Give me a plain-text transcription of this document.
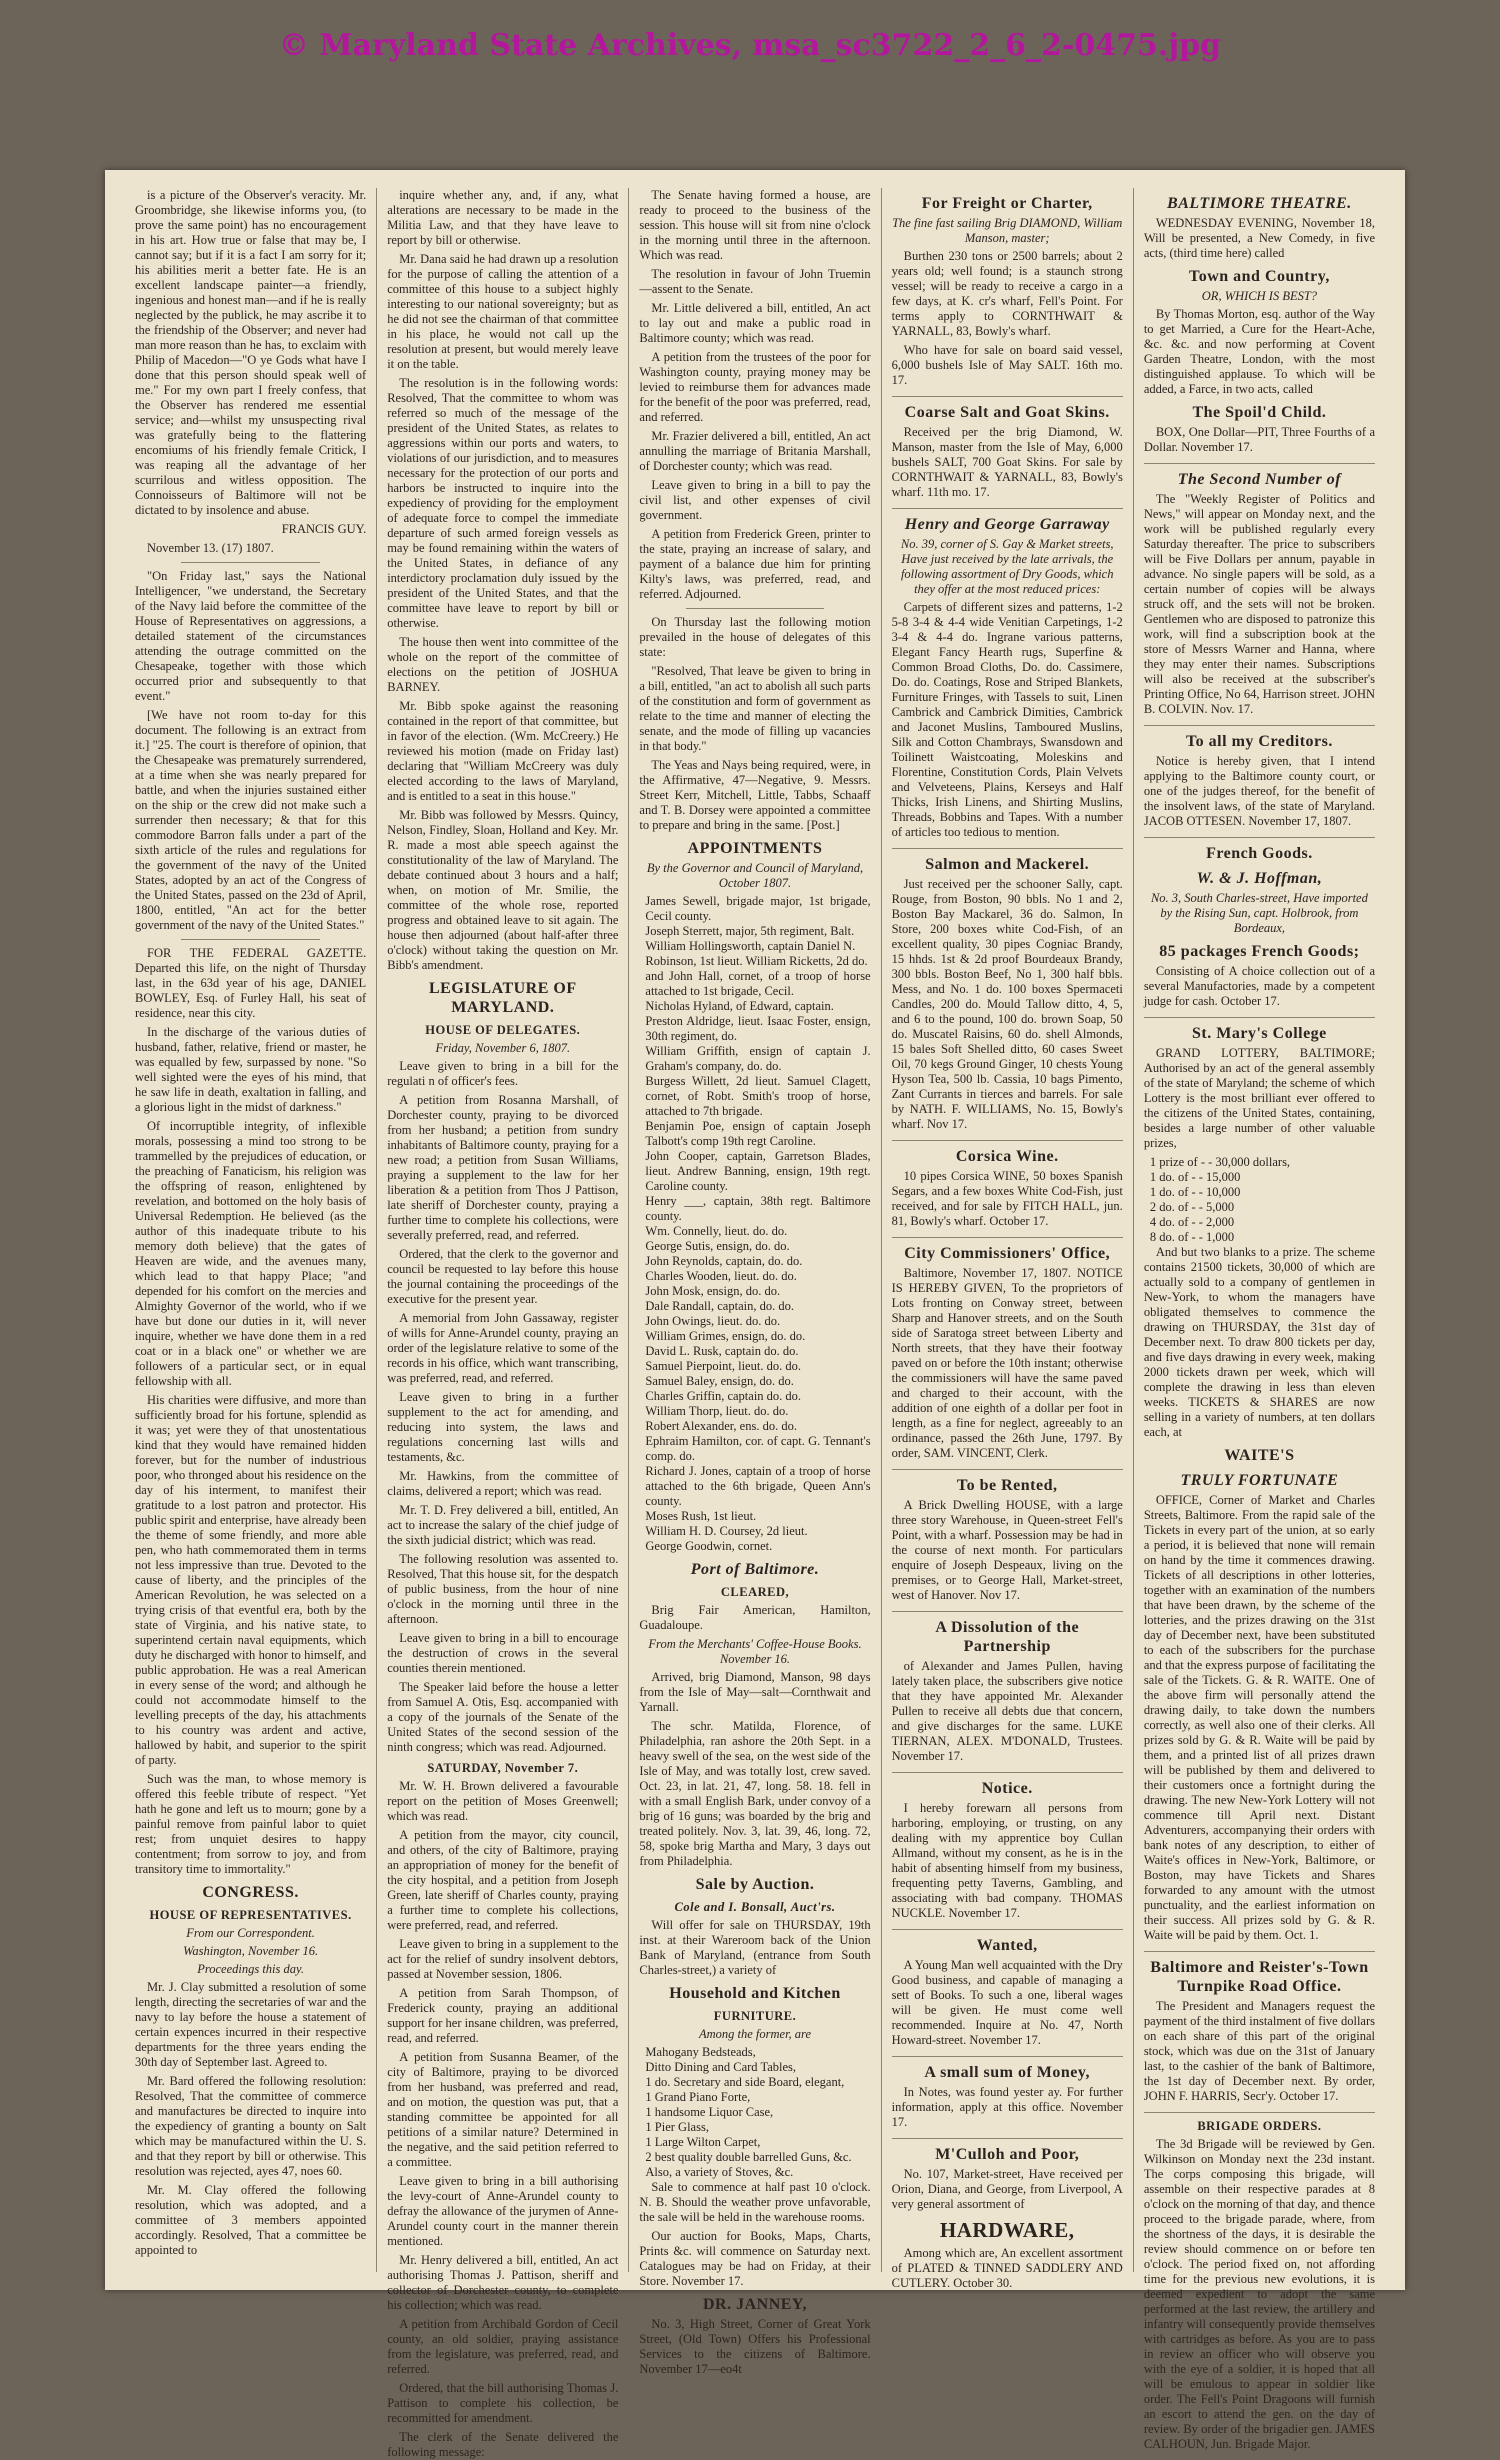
© Maryland State Archives, msa_sc3722_2_6_2-0475.jpg

is a picture of the Observer's veracity. Mr. Groombridge, she likewise informs you, (to prove the same point) has no encouragement in his art. How true or false that may be, I cannot say; but if it is a fact I am sorry for it; his abilities merit a better fate. He is an excellent landscape painter—a friendly, ingenious and honest man—and if he is really neglected by the publick, he may ascribe it to the friendship of the Observer; and never had man more reason than he has, to exclaim with Philip of Macedon—"O ye Gods what have I done that this person should speak well of me." For my own part I freely confess, that the Observer has rendered me essential service; and—whilst my unsuspecting rival was gratefully being to the flattering encomiums of his friendly female Critick, I was reaping all the advantage of her scurrilous and witless opposition. The Connoisseurs of Baltimore will not be dictated to by insolence and abuse.

FRANCIS GUY.

November 13. (17) 1807.

"On Friday last," says the National Intelligencer, "we understand, the Secretary of the Navy laid before the committee of the House of Representatives on aggressions, a detailed statement of the circumstances attending the outrage committed on the Chesapeake, together with those which occurred prior and subsequently to that event."

[We have not room to-day for this document. The following is an extract from it.] "25. The court is therefore of opinion, that the Chesapeake was prematurely surrendered, at a time when she was nearly prepared for battle, and when the injuries sustained either on the ship or the crew did not make such a surrender then necessary; & that for this commodore Barron falls under a part of the sixth article of the rules and regulations for the government of the navy of the United States, adopted by an act of the Congress of the United States, passed on the 23d of April, 1800, entitled, "An act for the better government of the navy of the United States."

FOR THE FEDERAL GAZETTE. Departed this life, on the night of Thursday last, in the 63d year of his age, DANIEL BOWLEY, Esq. of Furley Hall, his seat of residence, near this city.

In the discharge of the various duties of husband, father, relative, friend or master, he was equalled by few, surpassed by none. "So well sighted were the eyes of his mind, that he saw life in death, exaltation in falling, and a glorious light in the midst of darkness."

Of incorruptible integrity, of inflexible morals, possessing a mind too strong to be trammelled by the prejudices of education, or the preaching of Fanaticism, his religion was the offspring of reason, enlightened by revelation, and bottomed on the holy basis of Universal Redemption. He believed (as the author of this inadequate tribute to his memory doth believe) that the gates of Heaven are wide, and the avenues many, which lead to that happy Place; "and depended for his comfort on the mercies and Almighty Governor of the world, who if we have but done our duties in it, will never inquire, whether we have done them in a red coat or in a black one" or whether we are followers of a particular sect, or in equal fellowship with all.

His charities were diffusive, and more than sufficiently broad for his fortune, splendid as it was; yet were they of that unostentatious kind that they would have remained hidden forever, but for the number of industrious poor, who thronged about his residence on the day of his interment, to manifest their gratitude to a lost patron and protector. His public spirit and enterprise, have already been the theme of some friendly, and more able pen, who hath commemorated them in terms not less impressive than true. Devoted to the cause of liberty, and the principles of the American Revolution, he was selected on a trying crisis of that eventful era, both by the state of Virginia, and his native state, to superintend certain naval equipments, which duty he discharged with honor to himself, and public approbation. He was a real American in every sense of the word; and although he could not accommodate himself to the levelling precepts of the day, his attachments to his country was ardent and active, hallowed by habit, and superior to the spirit of party.

Such was the man, to whose memory is offered this feeble tribute of respect. "Yet hath he gone and left us to mourn; gone by a painful remove from painful labor to quiet rest; from unquiet desires to happy contentment; from sorrow to joy, and from transitory time to immortality."

CONGRESS.

HOUSE OF REPRESENTATIVES.

From our Correspondent.

Washington, November 16.

Proceedings this day.

Mr. J. Clay submitted a resolution of some length, directing the secretaries of war and the navy to lay before the house a statement of certain expences incurred in their respective departments for the three years ending the 30th day of September last. Agreed to.

Mr. Bard offered the following resolution: Resolved, That the committee of commerce and manufactures be directed to inquire into the expediency of granting a bounty on Salt which may be manufactured within the U. S. and that they report by bill or otherwise. This resolution was rejected, ayes 47, noes 60.

Mr. M. Clay offered the following resolution, which was adopted, and a committee of 3 members appointed accordingly. Resolved, That a committee be appointed to

inquire whether any, and, if any, what alterations are necessary to be made in the Militia Law, and that they have leave to report by bill or otherwise.

Mr. Dana said he had drawn up a resolution for the purpose of calling the attention of a committee of this house to a subject highly interesting to our national sovereignty; but as he did not see the chairman of that committee in his place, he would not call up the resolution at present, but would merely leave it on the table.

The resolution is in the following words: Resolved, That the committee to whom was referred so much of the message of the president of the United States, as relates to aggressions within our ports and waters, to violations of our jurisdiction, and to measures necessary for the protection of our ports and harbors be instructed to inquire into the expediency of providing for the employment of adequate force to compel the immediate departure of such armed foreign vessels as may be found remaining within the waters of the United States, in defiance of any interdictory proclamation duly issued by the president of the United States, and that the committee have leave to report by bill or otherwise.

The house then went into committee of the whole on the report of the committee of elections on the petition of JOSHUA BARNEY.

Mr. Bibb spoke against the reasoning contained in the report of that committee, but in favor of the election. (Wm. McCreery.) He reviewed his motion (made on Friday last) declaring that "William McCreery was duly elected according to the laws of Maryland, and is entitled to a seat in this house."

Mr. Bibb was followed by Messrs. Quincy, Nelson, Findley, Sloan, Holland and Key. Mr. R. made a most able speech against the constitutionality of the law of Maryland. The debate continued about 3 hours and a half; when, on motion of Mr. Smilie, the committee of the whole rose, reported progress and obtained leave to sit again. The house then adjourned (about half-after three o'clock) without taking the question on Mr. Bibb's amendment.

LEGISLATURE OF MARYLAND.

HOUSE OF DELEGATES.

Friday, November 6, 1807.

Leave given to bring in a bill for the regulati n of officer's fees.

A petition from Rosanna Marshall, of Dorchester county, praying to be divorced from her husband; a petition from sundry inhabitants of Baltimore county, praying for a new road; a petition from Susan Williams, praying a supplement to the law for her liberation & a petition from Thos J Pattison, late sheriff of Dorchester county, praying a further time to complete his collections, were severally preferred, read, and referred.

Ordered, that the clerk to the governor and council be requested to lay before this house the journal containing the proceedings of the executive for the present year.

A memorial from John Gassaway, register of wills for Anne-Arundel county, praying an order of the legislature relative to some of the records in his office, which want transcribing, was preferred, read, and referred.

Leave given to bring in a further supplement to the act for amending, and reducing into system, the laws and regulations concerning last wills and testaments, &c.

Mr. Hawkins, from the committee of claims, delivered a report; which was read.

Mr. T. D. Frey delivered a bill, entitled, An act to increase the salary of the chief judge of the sixth judicial district; which was read.

The following resolution was assented to. Resolved, That this house sit, for the despatch of public business, from the hour of nine o'clock in the morning until three in the afternoon.

Leave given to bring in a bill to encourage the destruction of crows in the several counties therein mentioned.

The Speaker laid before the house a letter from Samuel A. Otis, Esq. accompanied with a copy of the journals of the Senate of the United States of the second session of the ninth congress; which was read. Adjourned.

SATURDAY, November 7.

Mr. W. H. Brown delivered a favourable report on the petition of Moses Greenwell; which was read.

A petition from the mayor, city council, and others, of the city of Baltimore, praying an appropriation of money for the benefit of the city hospital, and a petition from Joseph Green, late sheriff of Charles county, praying a further time to complete his collections, were preferred, read, and referred.

Leave given to bring in a supplement to the act for the relief of sundry insolvent debtors, passed at November session, 1806.

A petition from Sarah Thompson, of Frederick county, praying an additional support for her insane children, was preferred, read, and referred.

A petition from Susanna Beamer, of the city of Baltimore, praying to be divorced from her husband, was preferred and read, and on motion, the question was put, that a standing committee be appointed for all petitions of a similar nature? Determined in the negative, and the said petition referred to a committee.

Leave given to bring in a bill authorising the levy-court of Anne-Arundel county to defray the allowance of the jurymen of Anne-Arundel county court in the manner therein mentioned.

Mr. Henry delivered a bill, entitled, An act authorising Thomas J. Pattison, sheriff and collector of Dorchester county, to complete his collection; which was read.

A petition from Archibald Gordon of Cecil county, an old soldier, praying assistance from the legislature, was preferred, read, and referred.

Ordered, that the bill authorising Thomas J. Pattison to complete his collection, be recommitted for amendment.

The clerk of the Senate delivered the following message:

The Senate having formed a house, are ready to proceed to the business of the session. This house will sit from nine o'clock in the morning until three in the afternoon. Which was read.

The resolution in favour of John Truemin—assent to the Senate.

Mr. Little delivered a bill, entitled, An act to lay out and make a public road in Baltimore county; which was read.

A petition from the trustees of the poor for Washington county, praying money may be levied to reimburse them for advances made for the benefit of the poor was preferred, read, and referred.

Mr. Frazier delivered a bill, entitled, An act annulling the marriage of Britania Marshall, of Dorchester county; which was read.

Leave given to bring in a bill to pay the civil list, and other expenses of civil government.

A petition from Frederick Green, printer to the state, praying an increase of salary, and payment of a balance due him for printing Kilty's laws, was preferred, read, and referred. Adjourned.

On Thursday last the following motion prevailed in the house of delegates of this state:

"Resolved, That leave be given to bring in a bill, entitled, "an act to abolish all such parts of the constitution and form of government as relate to the time and manner of electing the senate, and the mode of filling up vacancies in that body."

The Yeas and Nays being required, were, in the Affirmative, 47—Negative, 9. Messrs. Street Kerr, Mitchell, Little, Tabbs, Schaaff and T. B. Dorsey were appointed a committee to prepare and bring in the same. [Post.]

APPOINTMENTS

By the Governor and Council of Maryland, October 1807.

James Sewell, brigade major, 1st brigade, Cecil county.

Joseph Sterrett, major, 5th regiment, Balt.

William Hollingsworth, captain Daniel N.

Robinson, 1st lieut. William Ricketts, 2d do.

and John Hall, cornet, of a troop of horse attached to 1st brigade, Cecil.

Nicholas Hyland, of Edward, captain.

Preston Aldridge, lieut. Isaac Foster, ensign, 30th regiment, do.

William Griffith, ensign of captain J. Graham's company, do. do.

Burgess Willett, 2d lieut. Samuel Clagett, cornet, of Robt. Smith's troop of horse, attached to 7th brigade.

Benjamin Poe, ensign of captain Joseph Talbott's comp 19th regt Caroline.

John Cooper, captain, Garretson Blades, lieut. Andrew Banning, ensign, 19th regt. Caroline county.

Henry ___, captain, 38th regt. Baltimore county.

Wm. Connelly, lieut. do. do.

George Sutis, ensign, do. do.

John Reynolds, captain, do. do.

Charles Wooden, lieut. do. do.

John Mosk, ensign, do. do.

Dale Randall, captain, do. do.

John Owings, lieut. do. do.

William Grimes, ensign, do. do.

David L. Rusk, captain do. do.

Samuel Pierpoint, lieut. do. do.

Samuel Baley, ensign, do. do.

Charles Griffin, captain do. do.

William Thorp, lieut. do. do.

Robert Alexander, ens. do. do.

Ephraim Hamilton, cor. of capt. G. Tennant's comp. do.

Richard J. Jones, captain of a troop of horse attached to the 6th brigade, Queen Ann's county.

Moses Rush, 1st lieut.

William H. D. Coursey, 2d lieut.

George Goodwin, cornet.

Port of Baltimore.

CLEARED,

Brig Fair American, Hamilton, Guadaloupe.

From the Merchants' Coffee-House Books. November 16.

Arrived, brig Diamond, Manson, 98 days from the Isle of May—salt—Cornthwait and Yarnall.

The schr. Matilda, Florence, of Philadelphia, ran ashore the 20th Sept. in a heavy swell of the sea, on the west side of the Isle of May, and was totally lost, crew saved. Oct. 23, in lat. 21, 47, long. 58. 18. fell in with a small English Bark, under convoy of a brig of 16 guns; was boarded by the brig and treated politely. Nov. 3, lat. 39, 46, long. 72, 58, spoke brig Martha and Mary, 3 days out from Philadelphia.

Sale by Auction.

Cole and I. Bonsall, Auct'rs.

Will offer for sale on THURSDAY, 19th inst. at their Wareroom back of the Union Bank of Maryland, (entrance from South Charles-street,) a variety of

Household and Kitchen

FURNITURE.

Among the former, are

Mahogany Bedsteads,

Ditto Dining and Card Tables,

1 do. Secretary and side Board, elegant,

1 Grand Piano Forte,

1 handsome Liquor Case,

1 Pier Glass,

1 Large Wilton Carpet,

2 best quality double barrelled Guns, &c.

Also, a variety of Stoves, &c.

Sale to commence at half past 10 o'clock. N. B. Should the weather prove unfavorable, the sale will be held in the warehouse rooms.

Our auction for Books, Maps, Charts, Prints &c. will commence on Saturday next. Catalogues may be had on Friday, at their Store. November 17.

DR. JANNEY,

No. 3, High Street, Corner of Great York Street, (Old Town) Offers his Professional Services to the citizens of Baltimore. November 17—eo4t

For Freight or Charter,

The fine fast sailing Brig DIAMOND, William Manson, master;

Burthen 230 tons or 2500 barrels; about 2 years old; well found; is a staunch strong vessel; will be ready to receive a cargo in a few days, at K. cr's wharf, Fell's Point. For terms apply to CORNTHWAIT & YARNALL, 83, Bowly's wharf.

Who have for sale on board said vessel, 6,000 bushels Isle of May SALT. 16th mo. 17.

Coarse Salt and Goat Skins.

Received per the brig Diamond, W. Manson, master from the Isle of May, 6,000 bushels SALT, 700 Goat Skins. For sale by CORNTHWAIT & YARNALL, 83, Bowly's wharf. 11th mo. 17.

Henry and George Garraway

No. 39, corner of S. Gay & Market streets, Have just received by the late arrivals, the following assortment of Dry Goods, which they offer at the most reduced prices:

Carpets of different sizes and patterns, 1-2 5-8 3-4 & 4-4 wide Venitian Carpetings, 1-2 3-4 & 4-4 do. Ingrane various patterns, Elegant Fancy Hearth rugs, Superfine & Common Broad Cloths, Do. do. Cassimere, Do. do. Coatings, Rose and Striped Blankets, Furniture Fringes, with Tassels to suit, Linen Cambrick and Cambrick Dimities, Cambrick and Jaconet Muslins, Tamboured Muslins, Silk and Cotton Chambrays, Swansdown and Toilinett Waistcoating, Moleskins and Florentine, Constitution Cords, Plain Velvets and Velveteens, Plains, Kerseys and Half Thicks, Irish Linens, and Shirting Muslins, Threads, Bobbins and Tapes. With a number of articles too tedious to mention.

Salmon and Mackerel.

Just received per the schooner Sally, capt. Rouge, from Boston, 90 bbls. No 1 and 2, Boston Bay Mackarel, 36 do. Salmon, In Store, 200 boxes white Cod-Fish, of an excellent quality, 30 pipes Cogniac Brandy, 15 hhds. 1st & 2d proof Bourdeaux Brandy, 300 bbls. Boston Beef, No 1, 300 half bbls. Mess, and No. 1 do. 100 boxes Spermaceti Candles, 200 do. Mould Tallow ditto, 4, 5, and 6 to the pound, 100 do. brown Soap, 50 do. Muscatel Raisins, 60 do. shell Almonds, 15 bales Soft Shelled ditto, 60 cases Sweet Oil, 70 kegs Ground Ginger, 10 chests Young Hyson Tea, 500 lb. Cassia, 10 bags Pimento, Zant Currants in tierces and barrels. For sale by NATH. F. WILLIAMS, No. 15, Bowly's wharf. Nov 17.

Corsica Wine.

10 pipes Corsica WINE, 50 boxes Spanish Segars, and a few boxes White Cod-Fish, just received, and for sale by FITCH HALL, jun. 81, Bowly's wharf. October 17.

City Commissioners' Office,

Baltimore, November 17, 1807. NOTICE IS HEREBY GIVEN, To the proprietors of Lots fronting on Conway street, between Sharp and Hanover streets, and on the South side of Saratoga street between Liberty and North streets, that they have their footway paved on or before the 10th instant; otherwise the commissioners will have the same paved and charged to their account, with the addition of one eighth of a dollar per foot in length, as a fine for neglect, agreeably to an ordinance, passed the 26th June, 1797. By order, SAM. VINCENT, Clerk.

To be Rented,

A Brick Dwelling HOUSE, with a large three story Warehouse, in Queen-street Fell's Point, with a wharf. Possession may be had in the course of next month. For particulars enquire of Joseph Despeaux, living on the premises, or to George Hall, Market-street, west of Hanover. Nov 17.

A Dissolution of the Partnership

of Alexander and James Pullen, having lately taken place, the subscribers give notice that they have appointed Mr. Alexander Pullen to receive all debts due that concern, and give discharges for the same. LUKE TIERNAN, ALEX. M'DONALD, Trustees. November 17.

Notice.

I hereby forewarn all persons from harboring, employing, or trusting, on any dealing with my apprentice boy Cullan Allmand, without my consent, as he is in the habit of absenting himself from my business, frequenting petty Taverns, Gambling, and associating with bad company. THOMAS NUCKLE. November 17.

Wanted,

A Young Man well acquainted with the Dry Good business, and capable of managing a sett of Books. To such a one, liberal wages will be given. He must come well recommended. Inquire at No. 47, North Howard-street. November 17.

A small sum of Money,

In Notes, was found yester ay. For further information, apply at this office. November 17.

M'Culloh and Poor,

No. 107, Market-street, Have received per Orion, Diana, and George, from Liverpool, A very general assortment of

HARDWARE,

Among which are, An excellent assortment of PLATED & TINNED SADDLERY AND CUTLERY. October 30.

BALTIMORE THEATRE.

WEDNESDAY EVENING, November 18, Will be presented, a New Comedy, in five acts, (third time here) called

Town and Country,

OR, WHICH IS BEST?

By Thomas Morton, esq. author of the Way to get Married, a Cure for the Heart-Ache, &c. &c. and now performing at Covent Garden Theatre, London, with the most distinguished applause. To which will be added, a Farce, in two acts, called

The Spoil'd Child.

BOX, One Dollar—PIT, Three Fourths of a Dollar. November 17.

The Second Number of

The "Weekly Register of Politics and News," will appear on Monday next, and the work will be published regularly every Saturday thereafter. The price to subscribers will be Five Dollars per annum, payable in advance. No single papers will be sold, as a certain number of copies will be always struck off, and the sets will not be broken. Gentlemen who are disposed to patronize this work, will find a subscription book at the store of Messrs Warner and Hanna, where they may enter their names. Subscriptions will also be received at the subscriber's Printing Office, No 64, Harrison street. JOHN B. COLVIN. Nov. 17.

To all my Creditors.

Notice is hereby given, that I intend applying to the Baltimore county court, or one of the judges thereof, for the benefit of the insolvent laws, of the state of Maryland. JACOB OTTESEN. November 17, 1807.

French Goods.

W. & J. Hoffman,

No. 3, South Charles-street, Have imported by the Rising Sun, capt. Holbrook, from Bordeaux,

85 packages French Goods;

Consisting of A choice collection out of a several Manufactories, made by a competent judge for cash. October 17.

St. Mary's College

GRAND LOTTERY, BALTIMORE; Authorised by an act of the general assembly of the state of Maryland; the scheme of which Lottery is the most brilliant ever offered to the citizens of the United States, containing, besides a large number of other valuable prizes,

1 prize of - - 30,000 dollars,

1 do. of - - 15,000

1 do. of - - 10,000

2 do. of - - 5,000

4 do. of - - 2,000

8 do. of - - 1,000

And but two blanks to a prize. The scheme contains 21500 tickets, 30,000 of which are actually sold to a company of gentlemen in New-York, to whom the managers have obligated themselves to commence the drawing on THURSDAY, the 31st day of December next. To draw 800 tickets per day, and five days drawing in every week, making 2000 tickets drawn per week, which will complete the drawing in less than eleven weeks. TICKETS & SHARES are now selling in a variety of numbers, at ten dollars each, at

WAITE'S

TRULY FORTUNATE

OFFICE, Corner of Market and Charles Streets, Baltimore. From the rapid sale of the Tickets in every part of the union, at so early a period, it is believed that none will remain on hand by the time it commences drawing. Tickets of all descriptions in other lotteries, together with an examination of the numbers that have been drawn, by the scheme of the lotteries, and the prizes drawing on the 31st day of December next, have been substituted to each of the subscribers for the purchase and that the express purpose of facilitating the sale of the Tickets. G. & R. WAITE. One of the above firm will personally attend the drawing daily, to take down the numbers correctly, as well also one of their clerks. All prizes sold by G. & R. Waite will be paid by them, and a printed list of all prizes drawn will be published by them and delivered to their customers once a fortnight during the drawing. The new New-York Lottery will not commence till April next. Distant Adventurers, accompanying their orders with bank notes of any description, to either of Waite's offices in New-York, Baltimore, or Boston, may have Tickets and Shares forwarded to any amount with the utmost punctuality, and the earliest information on their success. All prizes sold by G. & R. Waite will be paid by them. Oct. 1.

Baltimore and Reister's-Town Turnpike Road Office.

The President and Managers request the payment of the third instalment of five dollars on each share of this part of the original stock, which was due on the 31st of January last, to the cashier of the bank of Baltimore, the 1st day of December next. By order, JOHN F. HARRIS, Secr'y. October 17.

BRIGADE ORDERS.

The 3d Brigade will be reviewed by Gen. Wilkinson on Monday next the 23d instant. The corps composing this brigade, will assemble on their respective parades at 8 o'clock on the morning of that day, and thence proceed to the brigade parade, where, from the shortness of the days, it is desirable the review should commence on or before ten o'clock. The period fixed on, not affording time for the previous new evolutions, it is deemed expedient to adopt the same performed at the last review, the artillery and infantry will consequently provide themselves with cartridges as before. As you are to pass in review an officer who will observe you with the eye of a soldier, it is hoped that all will be emulous to appear in soldier like order. The Fell's Point Dragoons will furnish an escort to attend the gen. on the day of review. By order of the brigadier gen. JAMES CALHOUN, Jun. Brigade Major.
